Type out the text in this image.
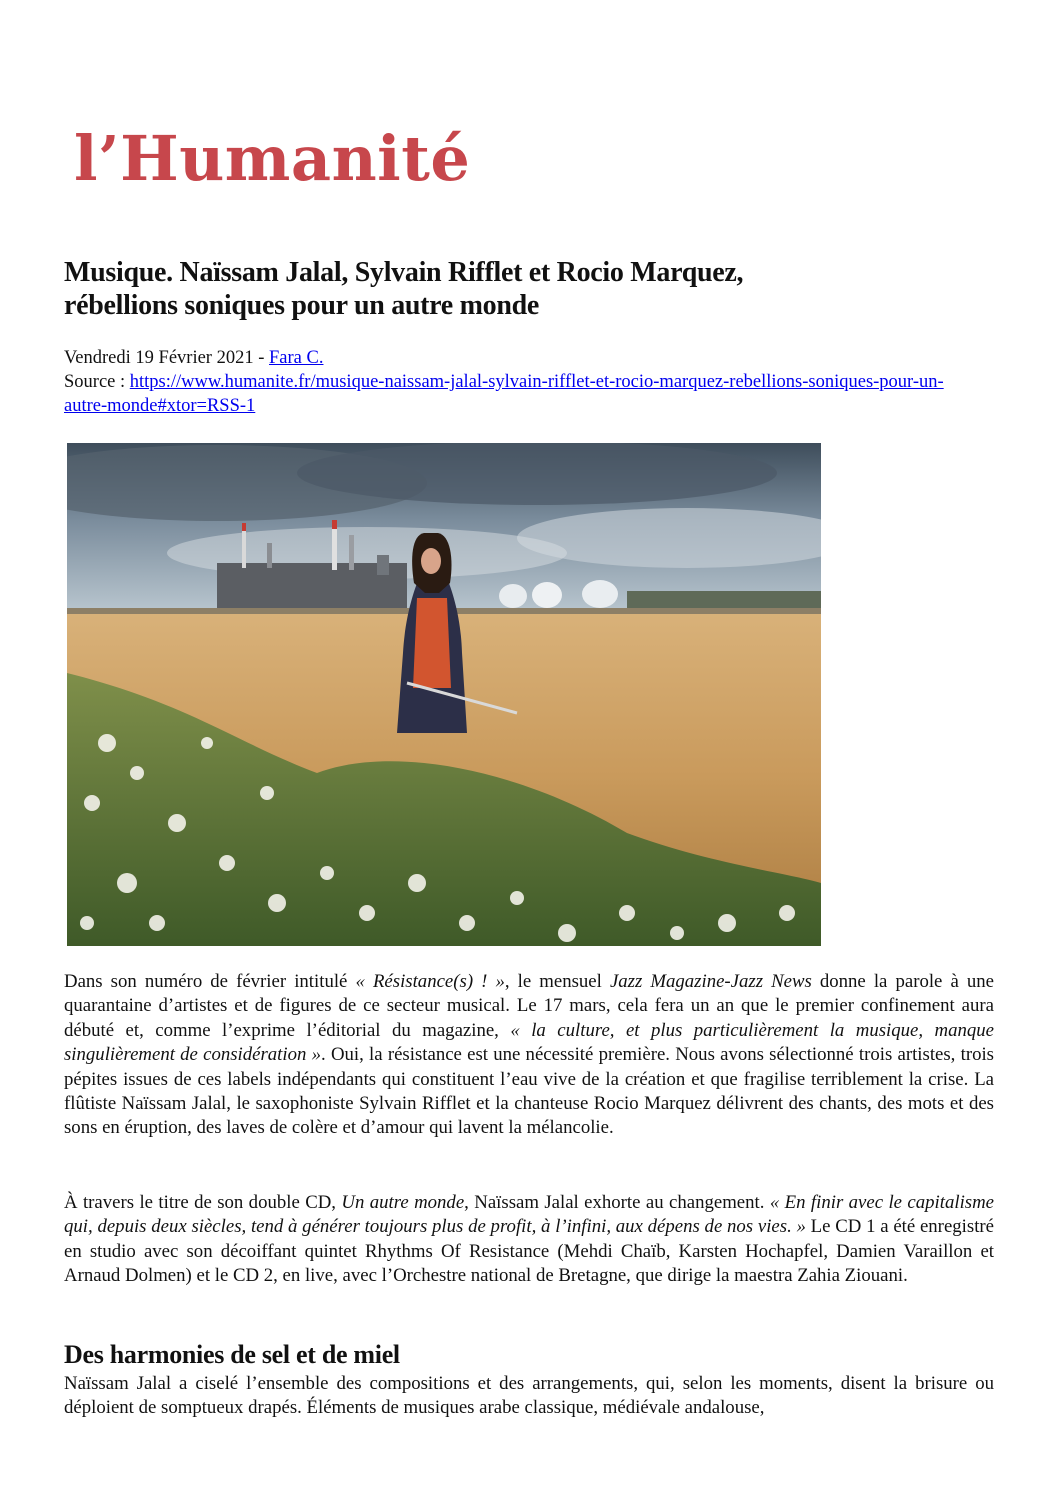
l’Humanité
Musique. Naïssam Jalal, Sylvain Rifflet et Rocio Marquez,
rébellions soniques pour un autre monde
Vendredi 19 Février 2021 - Fara C.
Source : https://www.humanite.fr/musique-naissam-jalal-sylvain-rifflet-et-rocio-marquez-rebellions-soniques-pour-un-autre-monde#xtor=RSS-1

Dans son numéro de février intitulé « Résistance(s) ! », le mensuel Jazz Magazine-Jazz News donne la parole à une quarantaine d’artistes et de figures de ce secteur musical. Le 17 mars, cela fera un an que le premier confinement aura débuté et, comme l’exprime l’éditorial du magazine, « la culture, et plus particulièrement la musique, manque singulièrement de considération ». Oui, la résistance est une nécessité première. Nous avons sélectionné trois artistes, trois pépites issues de ces labels indépendants qui constituent l’eau vive de la création et que fragilise terriblement la crise. La flûtiste Naïssam Jalal, le saxophoniste Sylvain Rifflet et la chanteuse Rocio Marquez délivrent des chants, des mots et des sons en éruption, des laves de colère et d’amour qui lavent la mélancolie.

À travers le titre de son double CD, Un autre monde, Naïssam Jalal exhorte au changement. « En finir avec le capitalisme qui, depuis deux siècles, tend à générer toujours plus de profit, à l’infini, aux dépens de nos vies. » Le CD 1 a été enregistré en studio avec son décoiffant quintet Rhythms Of Resistance (Mehdi Chaïb, Karsten Hochapfel, Damien Varaillon et Arnaud Dolmen) et le CD 2, en live, avec l’Orchestre national de Bretagne, que dirige la maestra Zahia Ziouani.

Des harmonies de sel et de miel

Naïssam Jalal a ciselé l’ensemble des compositions et des arrangements, qui, selon les moments, disent la brisure ou déploient de somptueux drapés. Éléments de musiques arabe classique, médiévale andalouse,
